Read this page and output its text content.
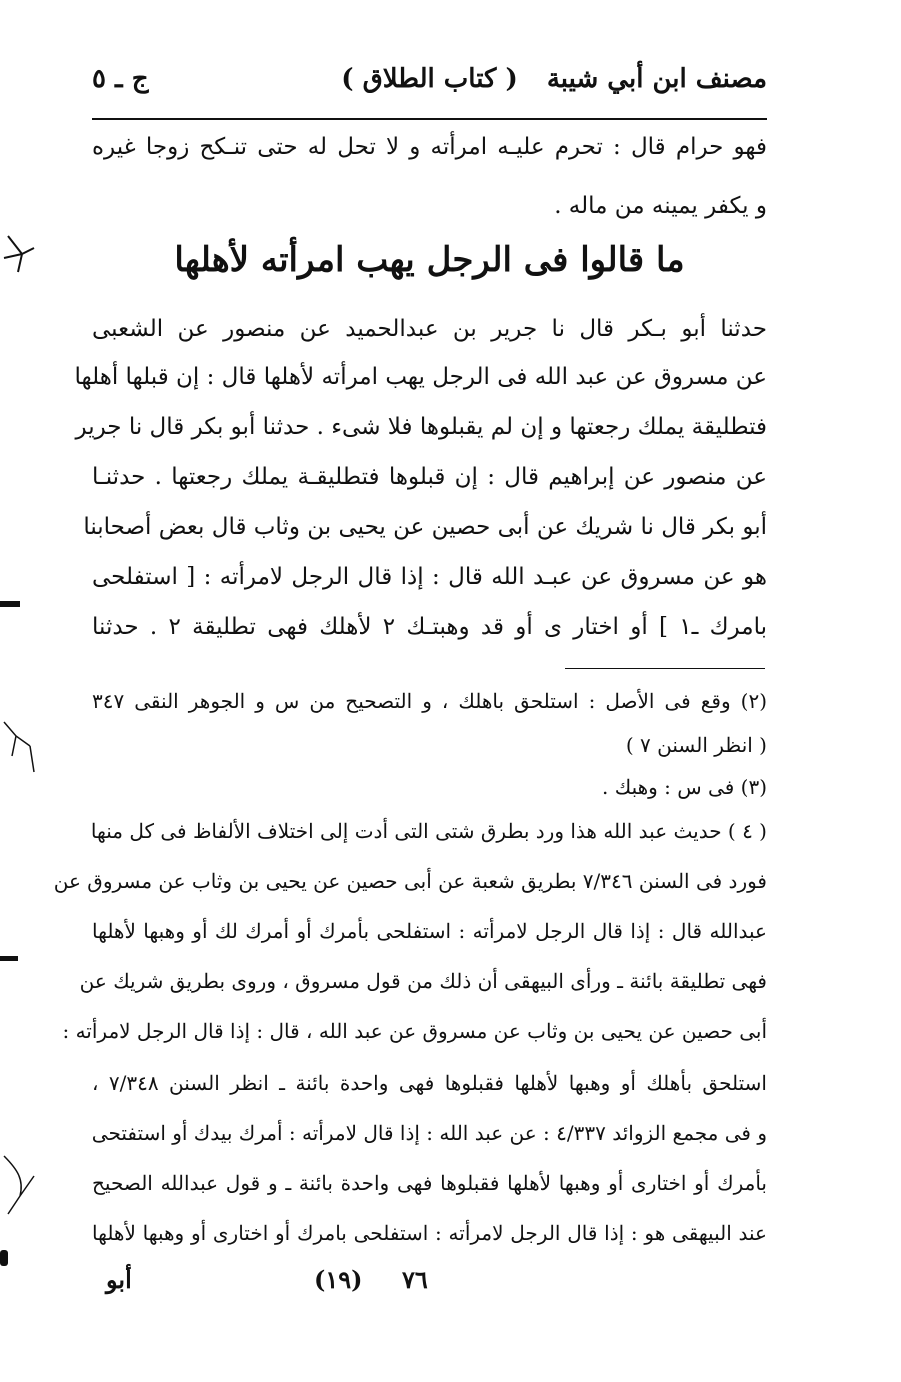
مصنف ابن أبي شيبة
( كتاب الطلاق )
ج ـ ٥
فهو حرام قال : تحرم عليـه امرأته و لا تحل له حتى تنـكح زوجا غيره
و يكفر يمينه من ماله .
ما قالوا فى الرجل يهب امرأته لأهلها
حدثنا أبو بـكر قال نا جرير بن عبدالحميد عن منصور عن الشعبى
عن مسروق عن عبد الله فى الرجل يهب امرأته لأهلها قال : إن قبلها أهلها
فتطليقة يملك رجعتها و إن لم يقبلوها فلا شىء . حدثنا أبو بكر قال نا جرير
عن منصور عن إبراهيم قال : إن قبلوها فتطليقـة يملك رجعتها . حدثنـا
أبو بكر قال نا شريك عن أبى حصين عن يحيى بن وثاب قال بعض أصحابنا
هو عن مسروق عن عبـد الله قال : إذا قال الرجل لامرأته : [ استفلحى
بامرك ـ١ ] أو اختار ى أو قد وهبتـك ٢ لأهلك فهى تطليقة ٢ . حدثنا
(٢) وقع فى الأصل : استلحق باهلك ، و التصحيح من س و الجوهر النقى ٣٤٧
( انظر السنن ٧ )
(٣) فى س : وهبك .
( ٤ ) حديث عبد الله هذا ورد بطرق شتى التى أدت إلى اختلاف الألفاظ فى كل منها
فورد فى السنن ٧/٣٤٦ بطريق شعبة عن أبى حصين عن يحيى بن وثاب عن مسروق عن
عبدالله قال : إذا قال الرجل لامرأته : استفلحى بأمرك أو أمرك لك أو وهبها لأهلها
فهى تطليقة بائنة ـ ورأى البيهقى أن ذلك من قول مسروق ، وروى بطريق شريك عن
أبى حصين عن يحيى بن وثاب عن مسروق عن عبد الله ، قال : إذا قال الرجل لامرأته :
استلحق بأهلك أو وهبها لأهلها فقبلوها فهى واحدة بائنة ـ انظر السنن ٧/٣٤٨ ،
و فى مجمع الزوائد ٤/٣٣٧ : عن عبد الله : إذا قال لامرأته : أمرك بيدك أو استفتحى
بأمرك أو اختارى أو وهبها لأهلها فقبلوها فهى واحدة بائنة ـ و قول عبدالله الصحيح
عند البيهقى هو : إذا قال الرجل لامرأته : استفلحى بامرك أو اختارى أو وهبها لأهلها
٧٦
(١٩)
أبو
